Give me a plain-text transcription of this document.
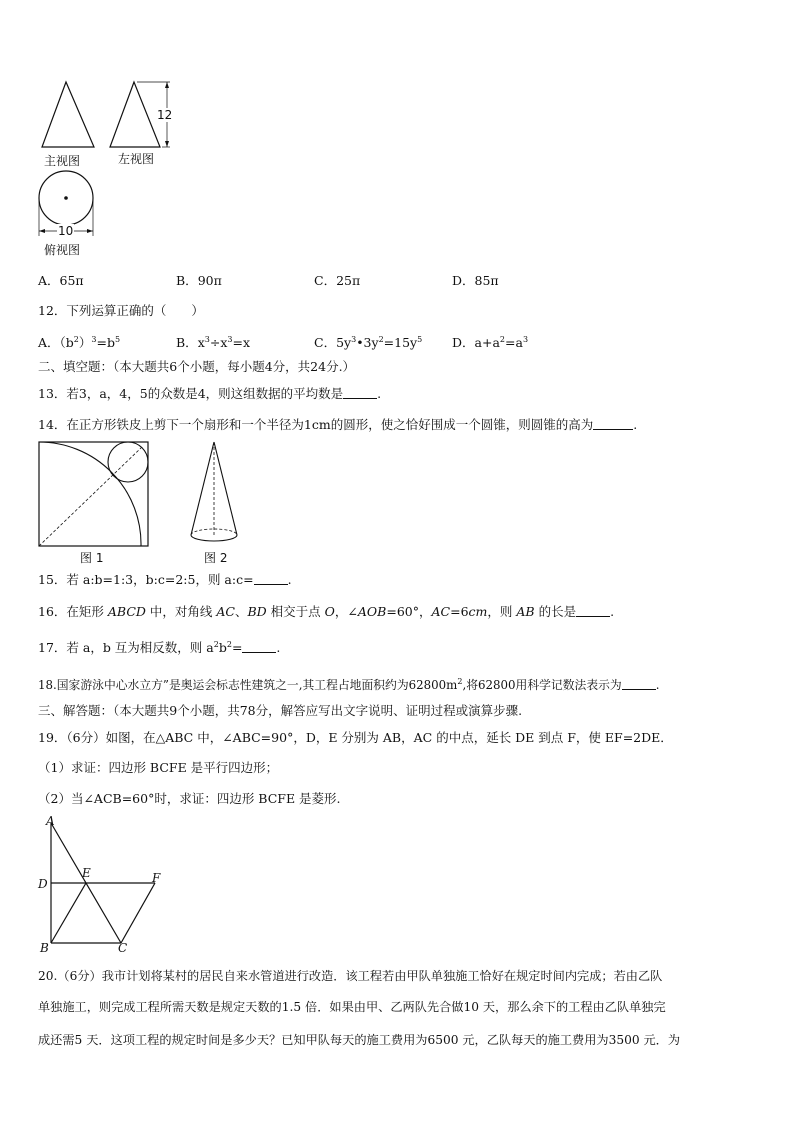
12
10
主视图	左视图
俯视图
A．65π	B．90π	C．25π	D．85π
12．下列运算正确的（　　）
A．$(b^2)^3=b^5$	B．$x^3\div x^3=x$	C．$5y^3•3y^2=15y^5$ D．$a+a^2=a^3$
二、填空题：（本大题共6个小题，每小题4分，共24分.）
13．若3，a，4，5的众数是4，则这组数据的平均数是	.
14．在正方形铁皮上剪下一个扇形和一个半径为1cm的圆形，使之恰好围成一个圆锥，则圆锥的高为	.
图 1	图 2
15．若 a:b=1:3，b:c=2:5，则 a:c=	.
16．在矩形 ABCD 中，对角线 AC、BD 相交于点 O，∠AOB=60°，AC=6cm，则 AB 的长是	.
17．若 a，b 互为相反数，则 $a^2b^2=$	.
18.国家游泳中心水立方”是奥运会标志性建筑之一,其工程占地面积约为$62800m^2$,将62800用科学记数法表示为	.
三、解答题：（本大题共9个小题，共78分，解答应写出文字说明、证明过程或演算步骤.
19．（6分）如图，在△ABC 中，∠ABC=90°，D，E 分别为 AB，AC 的中点，延长 DE 到点 F，使 EF=2DE．
（1）求证：四边形 BCFE 是平行四边形；
（2）当∠ACB=60°时，求证：四边形 BCFE 是菱形.
A
D
E	F
B	C
20.（6分）我市计划将某村的居民自来水管道进行改造．该工程若由甲队单独施工恰好在规定时间内完成；若由乙队
单独施工，则完成工程所需天数是规定天数的1.5 倍．如果由甲、乙两队先合做10 天，那么余下的工程由乙队单独完
成还需5 天．这项工程的规定时间是多少天？已知甲队每天的施工费用为6500 元，乙队每天的施工费用为3500 元．为
